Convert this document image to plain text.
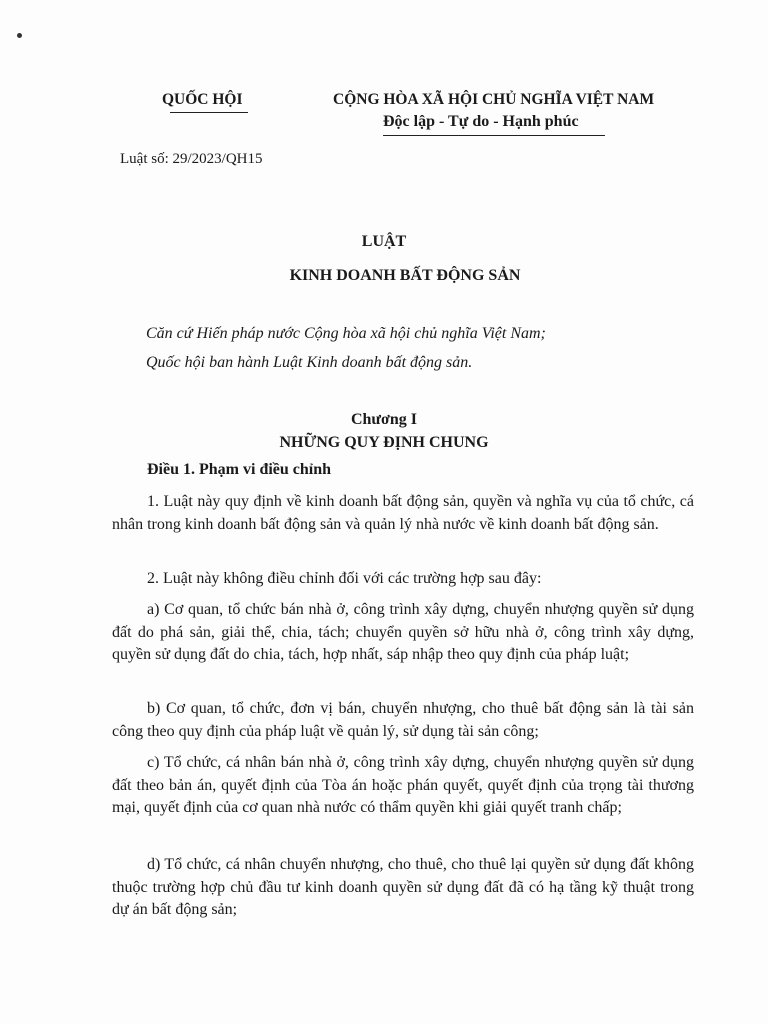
QUỐC HỘI	CỘNG HÒA XÃ HỘI CHỦ NGHĨA VIỆT NAM
Độc lập - Tự do - Hạnh phúc
Luật số: 29/2023/QH15
LUẬT
KINH DOANH BẤT ĐỘNG SẢN
Căn cứ Hiến pháp nước Cộng hòa xã hội chủ nghĩa Việt Nam;
Quốc hội ban hành Luật Kinh doanh bất động sản.
Chương I
NHỮNG QUY ĐỊNH CHUNG
Điều 1. Phạm vi điều chỉnh
1. Luật này quy định về kinh doanh bất động sản, quyền và nghĩa vụ của tổ chức, cá nhân trong kinh doanh bất động sản và quản lý nhà nước về kinh doanh bất động sản.
2. Luật này không điều chỉnh đối với các trường hợp sau đây:
a) Cơ quan, tổ chức bán nhà ở, công trình xây dựng, chuyển nhượng quyền sử dụng đất do phá sản, giải thể, chia, tách; chuyển quyền sở hữu nhà ở, công trình xây dựng, quyền sử dụng đất do chia, tách, hợp nhất, sáp nhập theo quy định của pháp luật;
b) Cơ quan, tổ chức, đơn vị bán, chuyển nhượng, cho thuê bất động sản là tài sản công theo quy định của pháp luật về quản lý, sử dụng tài sản công;
c) Tổ chức, cá nhân bán nhà ở, công trình xây dựng, chuyển nhượng quyền sử dụng đất theo bản án, quyết định của Tòa án hoặc phán quyết, quyết định của trọng tài thương mại, quyết định của cơ quan nhà nước có thẩm quyền khi giải quyết tranh chấp;
d) Tổ chức, cá nhân chuyển nhượng, cho thuê, cho thuê lại quyền sử dụng đất không thuộc trường hợp chủ đầu tư kinh doanh quyền sử dụng đất đã có hạ tầng kỹ thuật trong dự án bất động sản;
